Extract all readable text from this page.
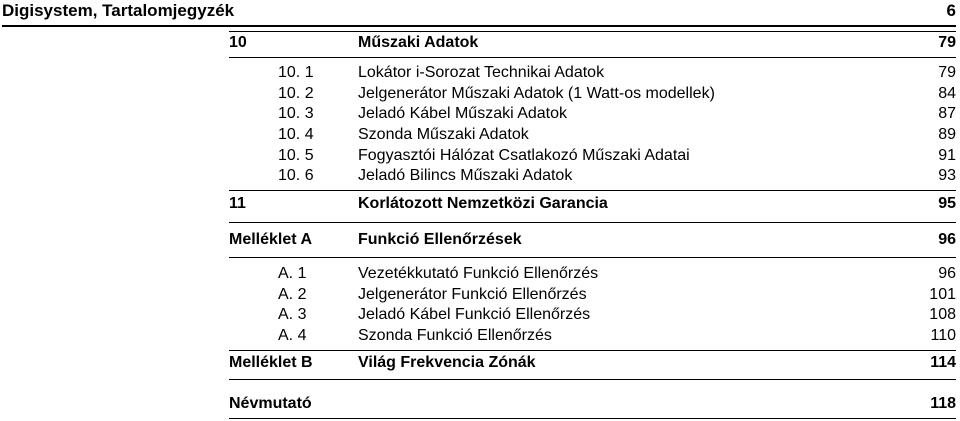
Digisystem, Tartalomjegyzék	6
10	Műszaki Adatok	79
10. 1	Lokátor i-Sorozat Technikai Adatok	79
10. 2	Jelgenerátor Műszaki Adatok (1 Watt-os modellek)	84
10. 3	Jeladó Kábel Műszaki Adatok	87
10. 4	Szonda Műszaki Adatok	89
10. 5	Fogyasztói Hálózat Csatlakozó Műszaki Adatai	91
10. 6	Jeladó Bilincs Műszaki Adatok	93
11	Korlátozott Nemzetközi Garancia	95
Melléklet A	Funkció Ellenőrzések	96
A. 1	Vezetékkutató Funkció Ellenőrzés	96
A. 2	Jelgenerátor Funkció Ellenőrzés	101
A. 3	Jeladó Kábel Funkció Ellenőrzés	108
A. 4	Szonda Funkció Ellenőrzés	110
Melléklet B	Világ Frekvencia Zónák	114
Névmutató	118
